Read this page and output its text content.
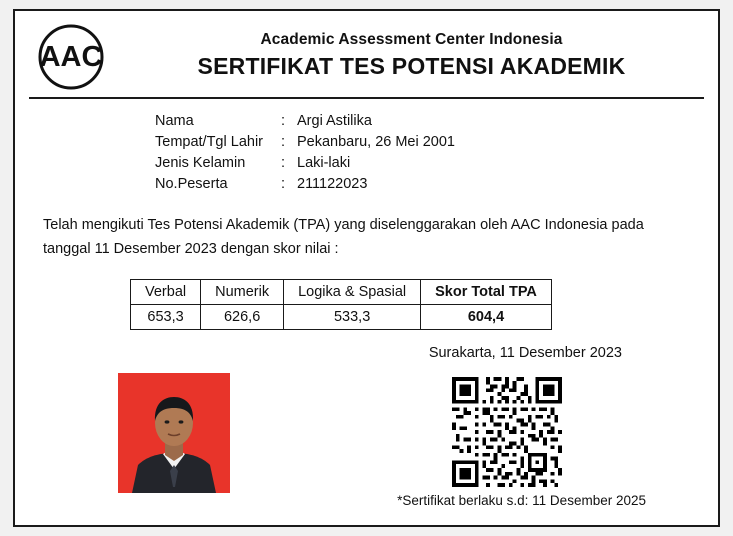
AAC
Academic Assessment Center Indonesia
SERTIFIKAT TES POTENSI AKADEMIK
Nama	: Argi Astilika
Tempat/Tgl Lahir	: Pekanbaru, 26 Mei 2001
Jenis Kelamin	: Laki-laki
No.Peserta	: 211122023
Telah mengikuti Tes Potensi Akademik (TPA) yang diselenggarakan oleh AAC Indonesia pada tanggal 11 Desember 2023 dengan skor nilai :
Verbal	Numerik	Logika & Spasial	Skor Total TPA
653,3	626,6	533,3	604,4
Surakarta, 11 Desember 2023
*Sertifikat berlaku s.d: 11 Desember 2025
